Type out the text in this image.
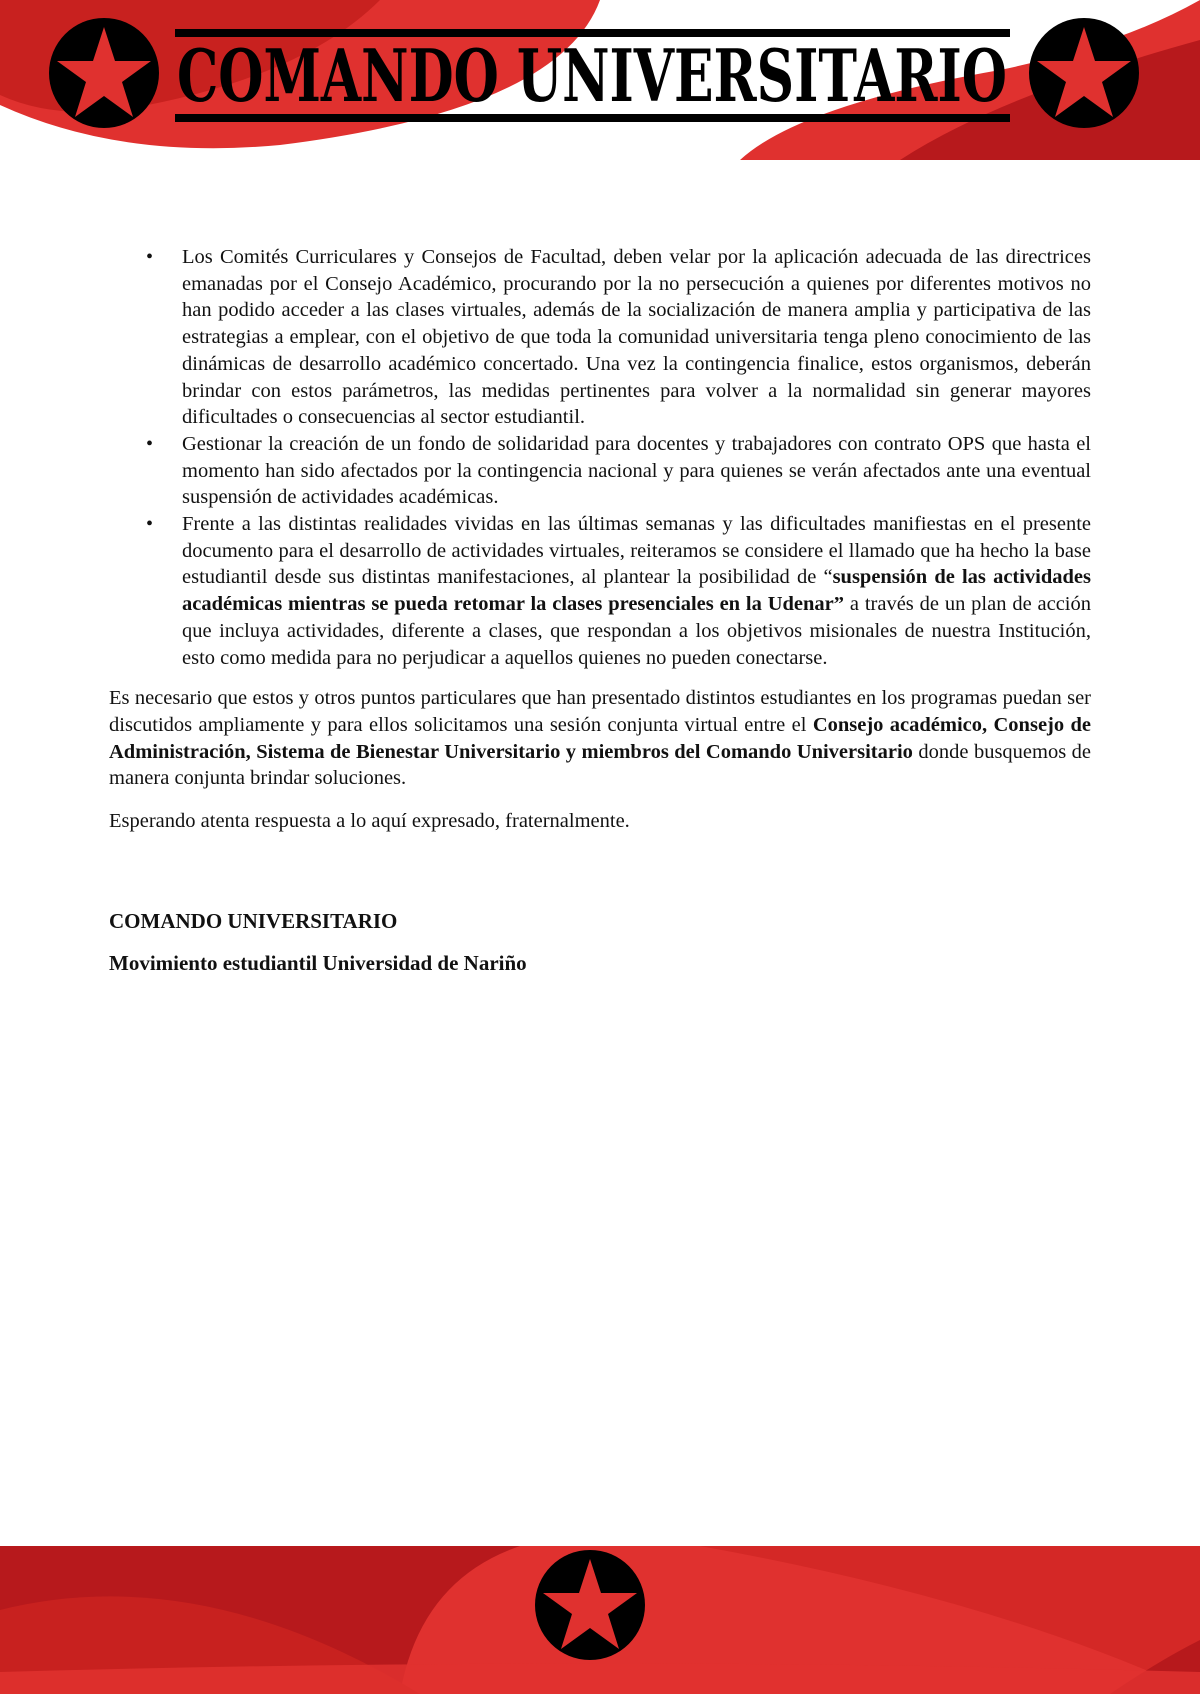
COMANDO UNIVERSITARIO
• Los Comités Curriculares y Consejos de Facultad, deben velar por la aplicación adecuada de las directrices emanadas por el Consejo Académico, procurando por la no persecución a quienes por diferentes motivos no han podido acceder a las clases virtuales, además de la socialización de manera amplia y participativa de las estrategias a emplear, con el objetivo de que toda la comunidad universitaria tenga pleno conocimiento de las dinámicas de desarrollo académico concertado. Una vez la contingencia finalice, estos organismos, deberán brindar con estos parámetros, las medidas pertinentes para volver a la normalidad sin generar mayores dificultades o consecuencias al sector estudiantil.
• Gestionar la creación de un fondo de solidaridad para docentes y trabajadores con contrato OPS que hasta el momento han sido afectados por la contingencia nacional y para quienes se verán afectados ante una eventual suspensión de actividades académicas.
• Frente a las distintas realidades vividas en las últimas semanas y las dificultades manifiestas en el presente documento para el desarrollo de actividades virtuales, reiteramos se considere el llamado que ha hecho la base estudiantil desde sus distintas manifestaciones, al plantear la posibilidad de “suspensión de las actividades académicas mientras se pueda retomar la clases presenciales en la Udenar” a través de un plan de acción que incluya actividades, diferente a clases, que respondan a los objetivos misionales de nuestra Institución, esto como medida para no perjudicar a aquellos quienes no pueden conectarse.

Es necesario que estos y otros puntos particulares que han presentado distintos estudiantes en los programas puedan ser discutidos ampliamente y para ellos solicitamos una sesión conjunta virtual entre el Consejo académico, Consejo de Administración, Sistema de Bienestar Universitario y miembros del Comando Universitario donde busquemos de manera conjunta brindar soluciones.

Esperando atenta respuesta a lo aquí expresado, fraternalmente.

COMANDO UNIVERSITARIO

Movimiento estudiantil Universidad de Nariño
